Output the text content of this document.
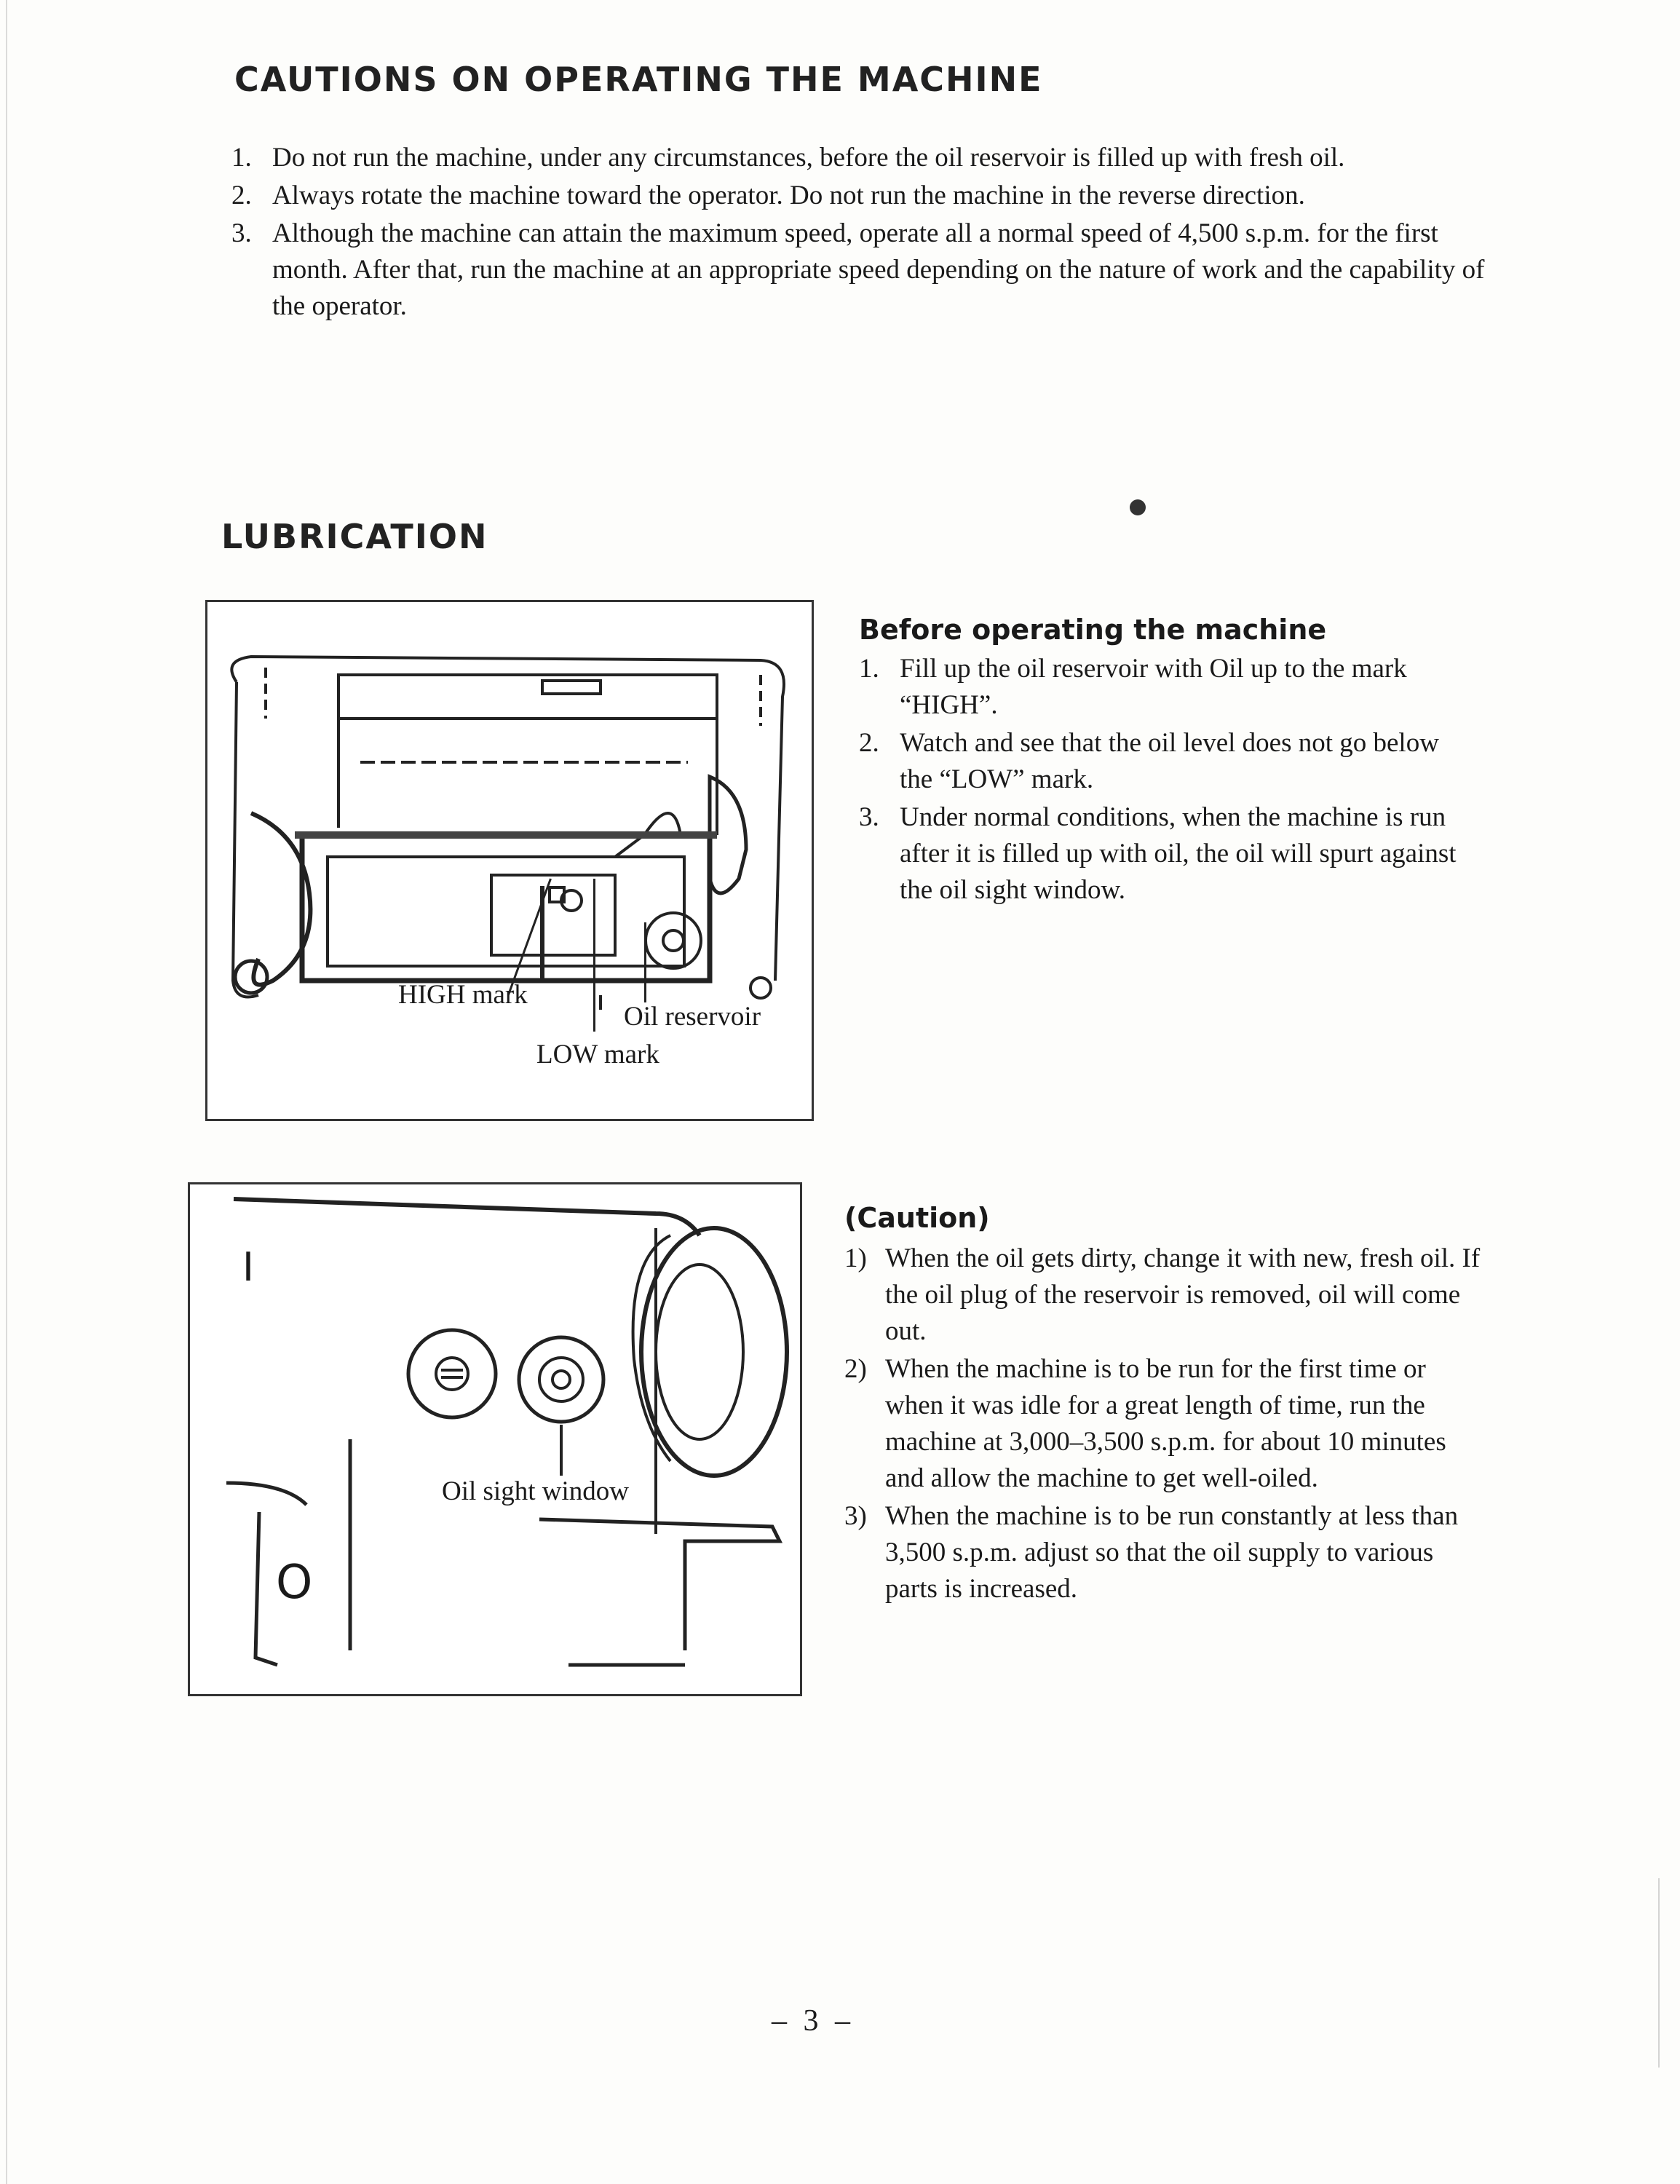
CAUTIONS ON OPERATING THE MACHINE
1. Do not run the machine, under any circumstances, before the oil reservoir is filled up with fresh oil.
2. Always rotate the machine toward the operator. Do not run the machine in the reverse direction.
3. Although the machine can attain the maximum speed, operate all a normal speed of 4,500 s.p.m. for the first month. After that, run the machine at an appropriate speed depending on the nature of work and the capability of the operator.
LUBRICATION
HIGH mark
Oil reservoir
LOW mark
Before operating the machine
1. Fill up the oil reservoir with Oil up to the mark “HIGH”.
2. Watch and see that the oil level does not go below the “LOW” mark.
3. Under normal conditions, when the machine is run after it is filled up with oil, the oil will spurt against the oil sight window.
I
O
Oil sight window
(Caution)
1) When the oil gets dirty, change it with new, fresh oil. If the oil plug of the reservoir is removed, oil will come out.
2) When the machine is to be run for the first time or when it was idle for a great length of time, run the machine at 3,000–3,500 s.p.m. for about 10 minutes and allow the machine to get well-oiled.
3) When the machine is to be run constantly at less than 3,500 s.p.m. adjust so that the oil supply to various parts is increased.
– 3 –
